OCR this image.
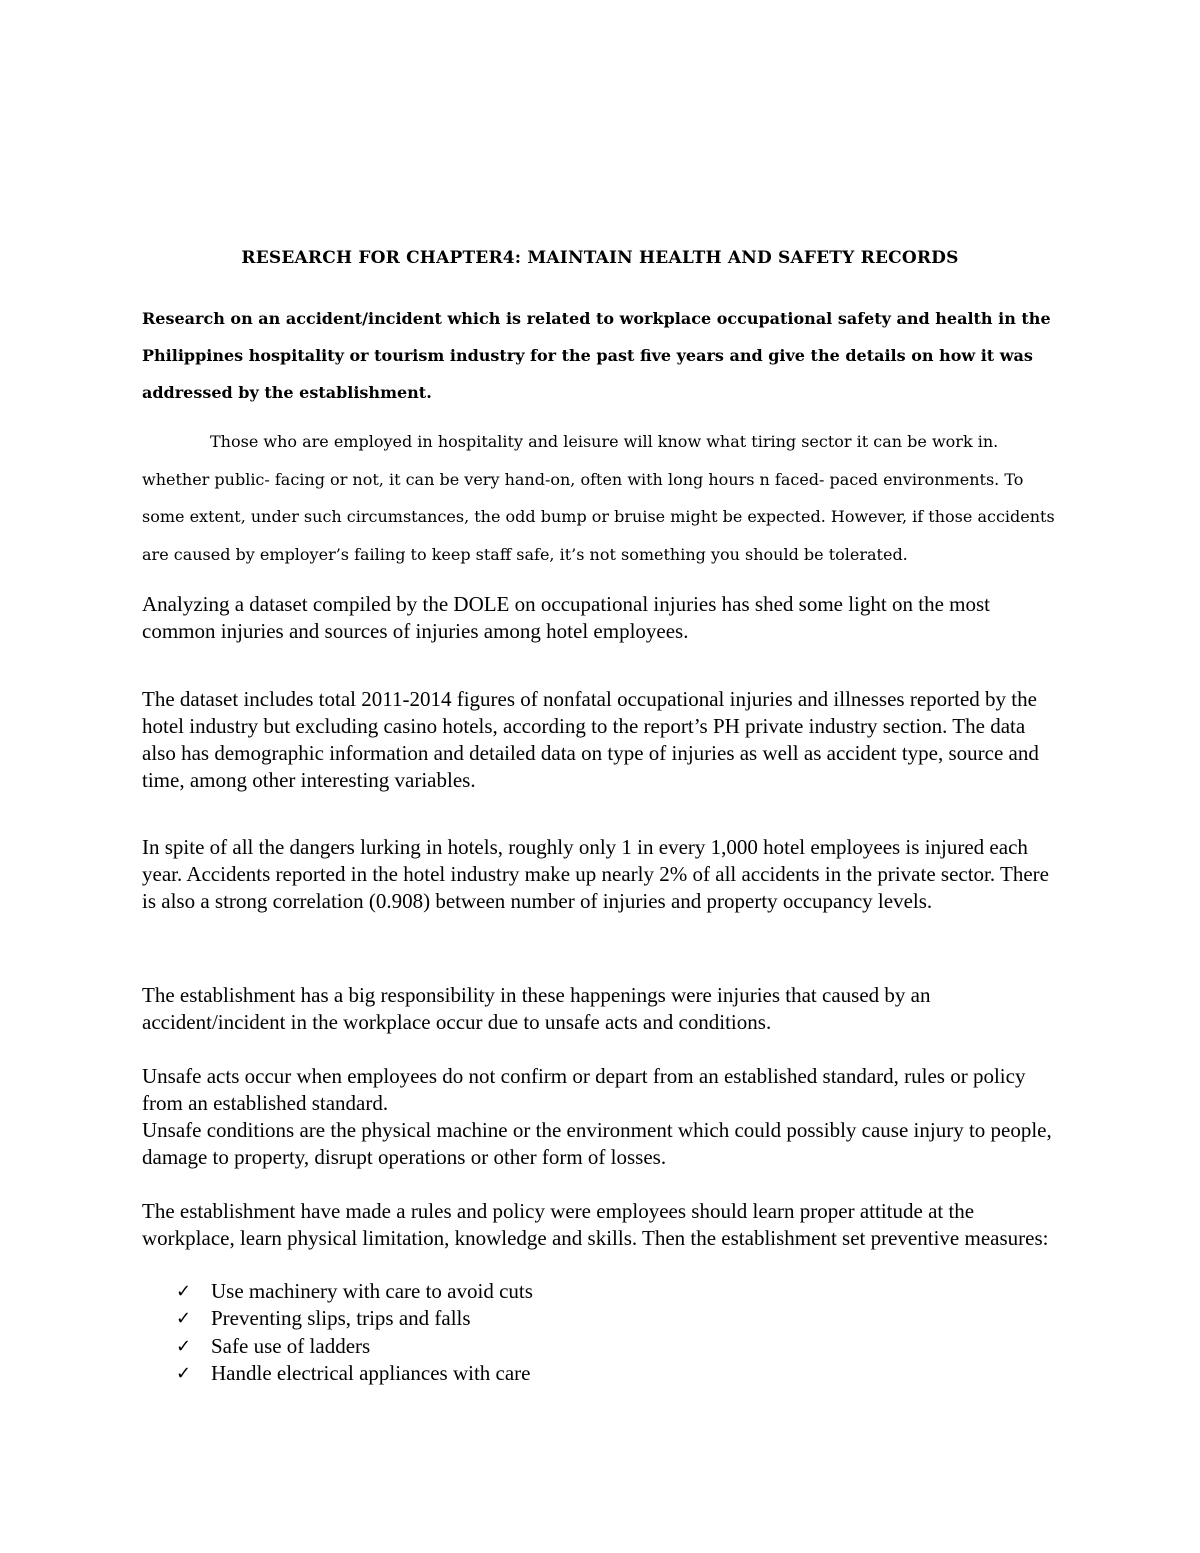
RESEARCH FOR CHAPTER4: MAINTAIN HEALTH AND SAFETY RECORDS

Research on an accident/incident which is related to workplace occupational safety and health in the Philippines hospitality or tourism industry for the past five years and give the details on how it was addressed by the establishment.

Those who are employed in hospitality and leisure will know what tiring sector it can be work in. whether public- facing or not, it can be very hand-on, often with long hours n faced- paced environments. To some extent, under such circumstances, the odd bump or bruise might be expected. However, if those accidents are caused by employer’s failing to keep staff safe, it’s not something you should be tolerated.

Analyzing a dataset compiled by the DOLE on occupational injuries has shed some light on the most common injuries and sources of injuries among hotel employees.

The dataset includes total 2011-2014 figures of nonfatal occupational injuries and illnesses reported by the hotel industry but excluding casino hotels, according to the report’s PH private industry section. The data also has demographic information and detailed data on type of injuries as well as accident type, source and time, among other interesting variables.

In spite of all the dangers lurking in hotels, roughly only 1 in every 1,000 hotel employees is injured each year. Accidents reported in the hotel industry make up nearly 2% of all accidents in the private sector. There is also a strong correlation (0.908) between number of injuries and property occupancy levels.

The establishment has a big responsibility in these happenings were injuries that caused by an accident/incident in the workplace occur due to unsafe acts and conditions.

Unsafe acts occur when employees do not confirm or depart from an established standard, rules or policy from an established standard.
Unsafe conditions are the physical machine or the environment which could possibly cause injury to people, damage to property, disrupt operations or other form of losses.

The establishment have made a rules and policy were employees should learn proper attitude at the workplace, learn physical limitation, knowledge and skills. Then the establishment set preventive measures:

✓ Use machinery with care to avoid cuts
✓ Preventing slips, trips and falls
✓ Safe use of ladders
✓ Handle electrical appliances with care
